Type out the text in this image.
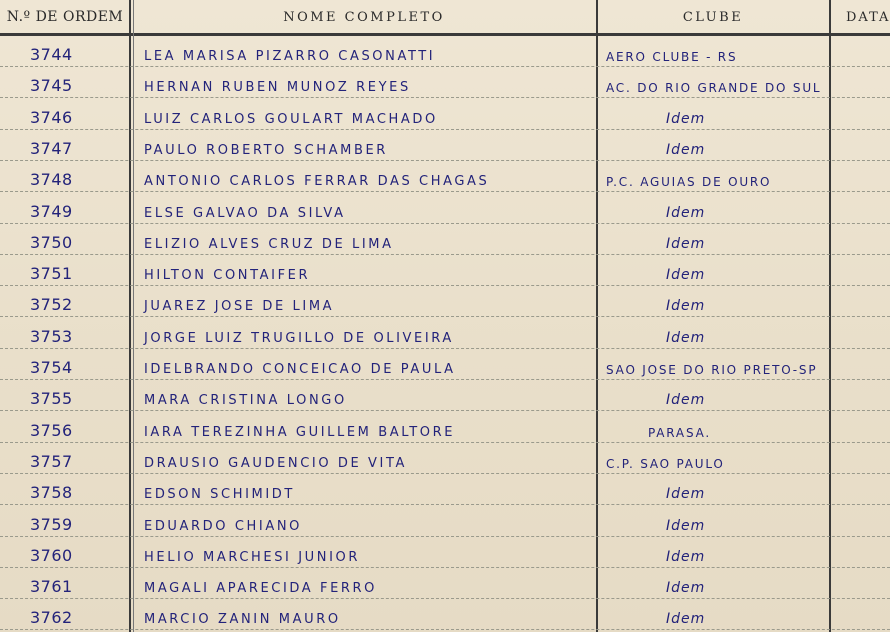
N.º DE ORDEM	NOME COMPLETO	CLUBE	DATA
3744	LEA MARISA PIZARRO CASONATTI	AERO CLUBE - RS
3745	HERNAN RUBEN MUNOZ REYES	AC. DO RIO GRANDE DO SUL
3746	LUIZ CARLOS GOULART MACHADO	Idem
3747	PAULO ROBERTO SCHAMBER	Idem
3748	ANTONIO CARLOS FERRAR DAS CHAGAS	P.C. AGUIAS DE OURO
3749	ELSE GALVAO DA SILVA	Idem
3750	ELIZIO ALVES CRUZ DE LIMA	Idem
3751	HILTON CONTAIFER	Idem
3752	JUAREZ JOSE DE LIMA	Idem
3753	JORGE LUIZ TRUGILLO DE OLIVEIRA	Idem
3754	IDELBRANDO CONCEICAO DE PAULA	SAO JOSE DO RIO PRETO-SP
3755	MARA CRISTINA LONGO	Idem
3756	IARA TEREZINHA GUILLEM BALTORE	PARASA.
3757	DRAUSIO GAUDENCIO DE VITA	C.P. SAO PAULO
3758	EDSON SCHIMIDT	Idem
3759	EDUARDO CHIANO	Idem
3760	HELIO MARCHESI JUNIOR	Idem
3761	MAGALI APARECIDA FERRO	Idem
3762	MARCIO ZANIN MAURO	Idem
